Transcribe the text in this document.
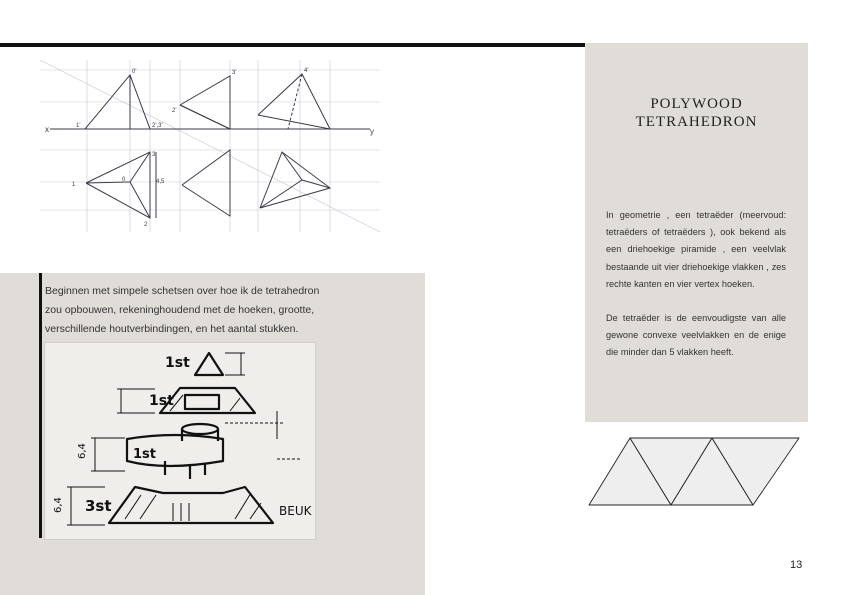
x	y
0'
2',3'
1'
3'
2'
4'
1
2
3
4,5
0
Beginnen met simpele schetsen over hoe ik de tetrahedron zou opbouwen, rekeninghoudend met de hoeken, grootte, verschillende houtverbindingen, en het aantal stukken.
1st
1st
1st
3st
6,4
6,4	BEUK
POLYWOOD
TETRAHEDRON

In geometrie , een tetraëder (meervoud: tetraëders of tetraëders ), ook bekend als een driehoekige piramide , een veelvlak bestaande uit vier driehoekige vlakken , zes rechte kanten en vier vertex hoeken.

De tetraëder is de eenvoudigste van alle gewone convexe veelvlakken en de enige die minder dan 5 vlakken heeft.

13
